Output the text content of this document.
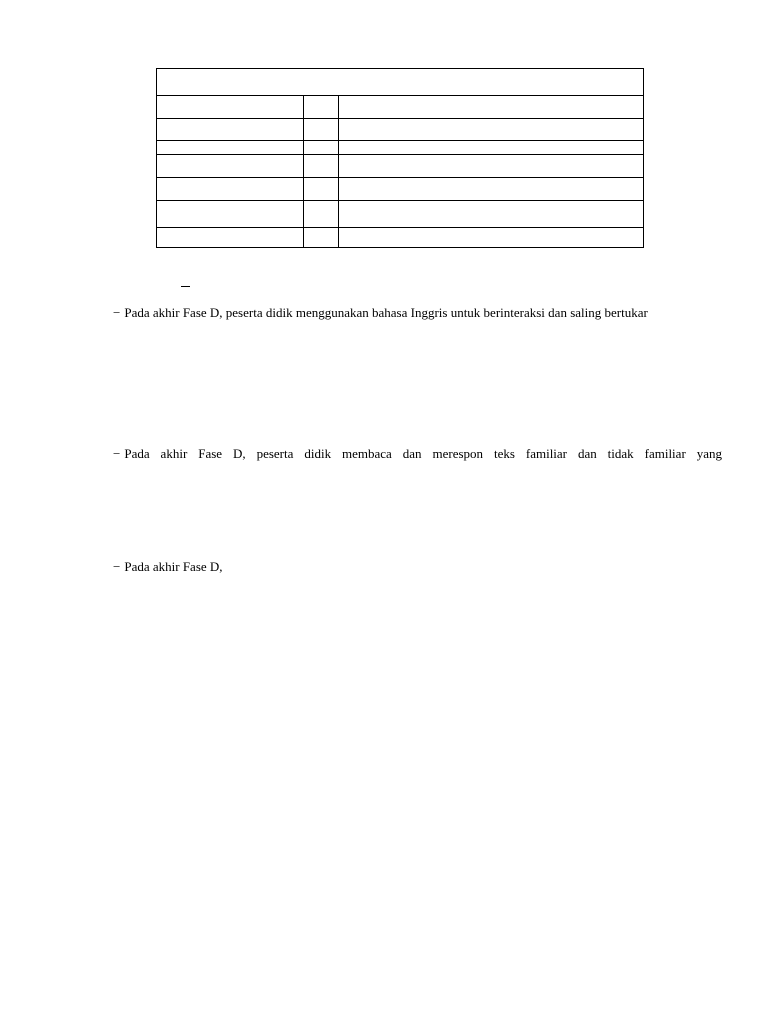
− Pada akhir Fase D, peserta didik menggunakan bahasa Inggris untuk berinteraksi dan saling bertukar
− Pada akhir Fase D, peserta didik membaca dan merespon teks familiar dan tidak familiar yang
− Pada akhir Fase D,
